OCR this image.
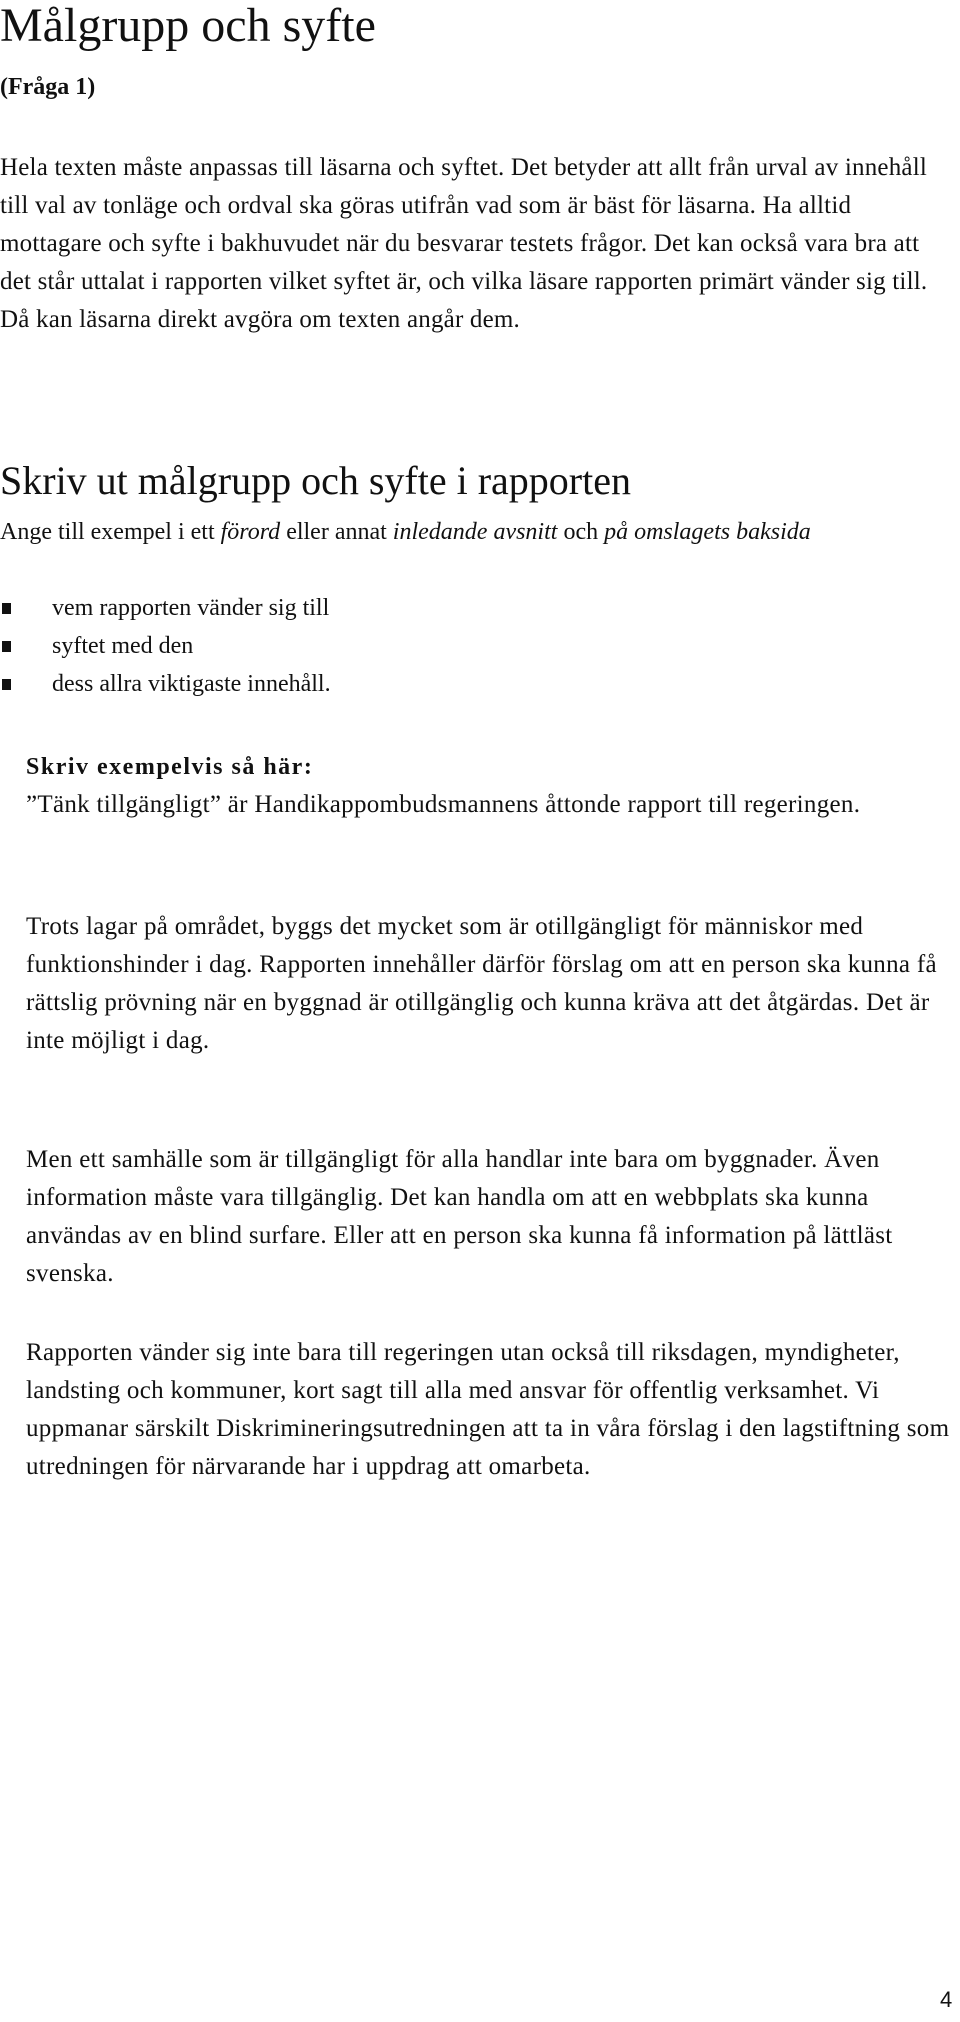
Målgrupp och syfte

(Fråga 1)

Hela texten måste anpassas till läsarna och syftet. Det betyder att allt från urval av innehåll till val av tonläge och ordval ska göras utifrån vad som är bäst för läsarna. Ha alltid mottagare och syfte i bakhuvudet när du besvarar testets frågor. Det kan också vara bra att det står uttalat i rapporten vilket syftet är, och vilka läsare rapporten primärt vänder sig till. Då kan läsarna direkt avgöra om texten angår dem.

Skriv ut målgrupp och syfte i rapporten

Ange till exempel i ett förord eller annat inledande avsnitt och på omslagets baksida

vem rapporten vänder sig till
syftet med den
dess allra viktigaste innehåll.

Skriv exempelvis så här:

”Tänk tillgängligt” är Handikappombudsmannens åttonde rapport till regeringen.

Trots lagar på området, byggs det mycket som är otillgängligt för människor med funktionshinder i dag. Rapporten innehåller därför förslag om att en person ska kunna få rättslig prövning när en byggnad är otillgänglig och kunna kräva att det åtgärdas. Det är inte möjligt i dag.

Men ett samhälle som är tillgängligt för alla handlar inte bara om byggnader. Även information måste vara tillgänglig. Det kan handla om att en webbplats ska kunna användas av en blind surfare. Eller att en person ska kunna få information på lättläst svenska.

Rapporten vänder sig inte bara till regeringen utan också till riksdagen, myndigheter, landsting och kommuner, kort sagt till alla med ansvar för offentlig verksamhet. Vi uppmanar särskilt Diskrimineringsutredningen att ta in våra förslag i den lagstiftning som utredningen för närvarande har i uppdrag att omarbeta.

4
